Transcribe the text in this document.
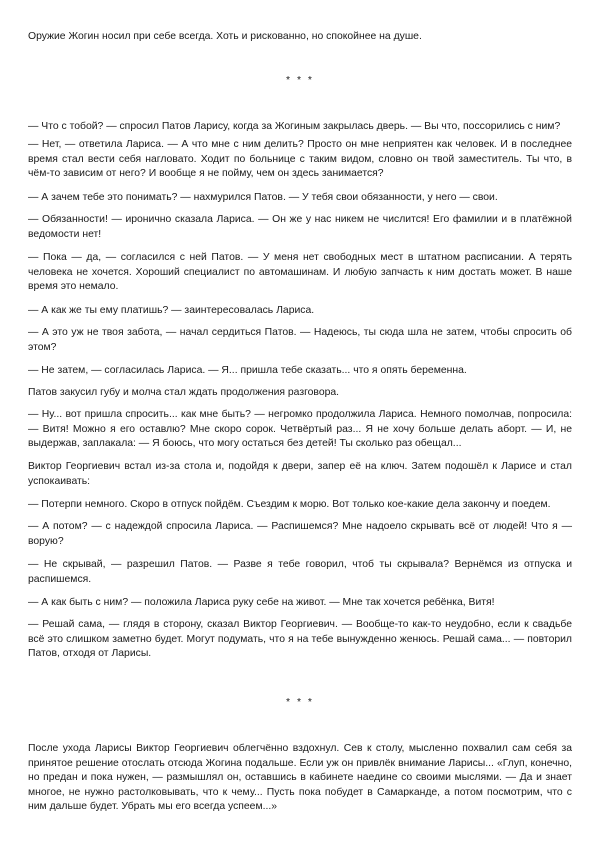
Оружие Жогин носил при себе всегда. Хоть и рискованно, но спокойнее на душе.

* * *

— Что с тобой? — спросил Патов Ларису, когда за Жогиным закрылась дверь. — Вы что, поссорились с ним?

— Нет, — ответила Лариса. — А что мне с ним делить? Просто он мне неприятен как человек. И в последнее время стал вести себя нагловато. Ходит по больнице с таким видом, словно он твой заместитель. Ты что, в чём-то зависим от него? И вообще я не пойму, чем он здесь занимается?

— А зачем тебе это понимать? — нахмурился Патов. — У тебя свои обязанности, у него — свои.

— Обязанности! — иронично сказала Лариса. — Он же у нас никем не числится! Его фамилии и в платёжной ведомости нет!

— Пока — да, — согласился с ней Патов. — У меня нет свободных мест в штатном расписании. А терять человека не хочется. Хороший специалист по автомашинам. И любую запчасть к ним достать может. В наше время это немало.

— А как же ты ему платишь? — заинтересовалась Лариса.

— А это уж не твоя забота, — начал сердиться Патов. — Надеюсь, ты сюда шла не затем, чтобы спросить об этом?

— Не затем, — согласилась Лариса. — Я... пришла тебе сказать... что я опять беременна.

Патов закусил губу и молча стал ждать продолжения разговора.

— Ну... вот пришла спросить... как мне быть? — негромко продолжила Лариса. Немного помолчав, попросила: — Витя! Можно я его оставлю? Мне скоро сорок. Четвёртый раз... Я не хочу больше делать аборт. — И, не выдержав, заплакала: — Я боюсь, что могу остаться без детей! Ты сколько раз обещал...

Виктор Георгиевич встал из-за стола и, подойдя к двери, запер её на ключ. Затем подошёл к Ларисе и стал успокаивать:

— Потерпи немного. Скоро в отпуск пойдём. Съездим к морю. Вот только кое-какие дела закончу и поедем.

— А потом? — с надеждой спросила Лариса. — Распишемся? Мне надоело скрывать всё от людей! Что я — ворую?

— Не скрывай, — разрешил Патов. — Разве я тебе говорил, чтоб ты скрывала? Вернёмся из отпуска и распишемся.

— А как быть с ним? — положила Лариса руку себе на живот. — Мне так хочется ребёнка, Витя!

— Решай сама, — глядя в сторону, сказал Виктор Георгиевич. — Вообще-то как-то неудобно, если к свадьбе всё это слишком заметно будет. Могут подумать, что я на тебе вынужденно женюсь. Решай сама... — повторил Патов, отходя от Ларисы.

* * *

После ухода Ларисы Виктор Георгиевич облегчённо вздохнул. Сев к столу, мысленно похвалил сам себя за принятое решение отослать отсюда Жогина подальше. Если уж он привлёк внимание Ларисы... «Глуп, конечно, но предан и пока нужен, — размышлял он, оставшись в кабинете наедине со своими мыслями. — Да и знает многое, не нужно растолковывать, что к чему... Пусть пока побудет в Самарканде, а потом посмотрим, что с ним дальше будет. Убрать мы его всегда успеем...»
